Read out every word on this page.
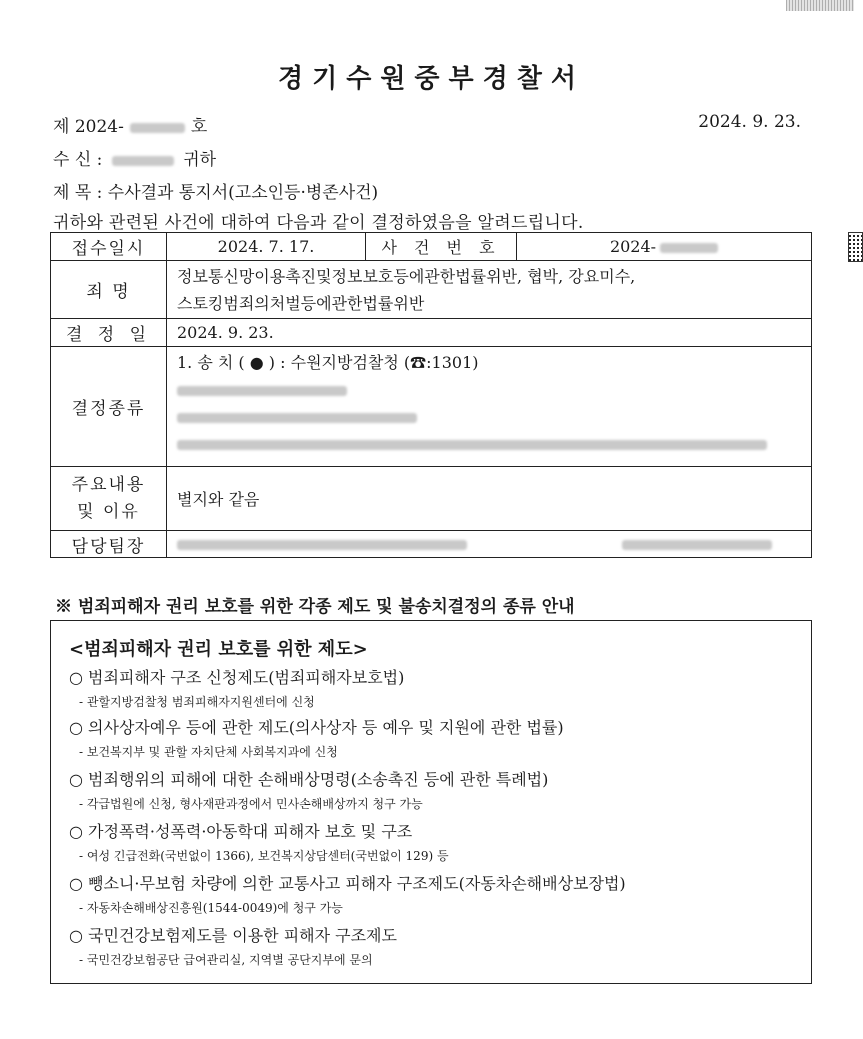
경기수원중부경찰서
제 2024-	호	2024. 9. 23.
수 신 :	귀하
제 목 : 수사결과 통지서(고소인등·병존사건)
귀하와 관련된 사건에 대하여 다음과 같이 결정하였음을 알려드립니다.
접수일시	2024. 7. 17.	사 건 번 호	2024-
죄 명	정보통신망이용촉진및정보보호등에관한법률위반, 협박, 강요미수,
스토킹범죄의처벌등에관한법률위반		

결 정 일	2024. 9. 23.		
결정종류	1. 송 치 ( ● ) : 수원지방검찰청 (☎:1301)		

주요내용
및 이유	별지와 같음		
담당팀장			
※ 범죄피해자 권리 보호를 위한 각종 제도 및 불송치결정의 종류 안내
<범죄피해자 권리 보호를 위한 제도>
○ 범죄피해자 구조 신청제도(범죄피해자보호법)
- 관할지방검찰청 범죄피해자지원센터에 신청
○ 의사상자예우 등에 관한 제도(의사상자 등 예우 및 지원에 관한 법률)
- 보건복지부 및 관할 자치단체 사회복지과에 신청
○ 범죄행위의 피해에 대한 손해배상명령(소송촉진 등에 관한 특례법)
- 각급법원에 신청, 형사재판과정에서 민사손해배상까지 청구 가능
○ 가정폭력·성폭력·아동학대 피해자 보호 및 구조
- 여성 긴급전화(국번없이 1366), 보건복지상담센터(국번없이 129) 등
○ 뺑소니·무보험 차량에 의한 교통사고 피해자 구조제도(자동차손해배상보장법)
- 자동차손해배상진흥원(1544-0049)에 청구 가능
○ 국민건강보험제도를 이용한 피해자 구조제도
- 국민건강보험공단 급여관리실, 지역별 공단지부에 문의
